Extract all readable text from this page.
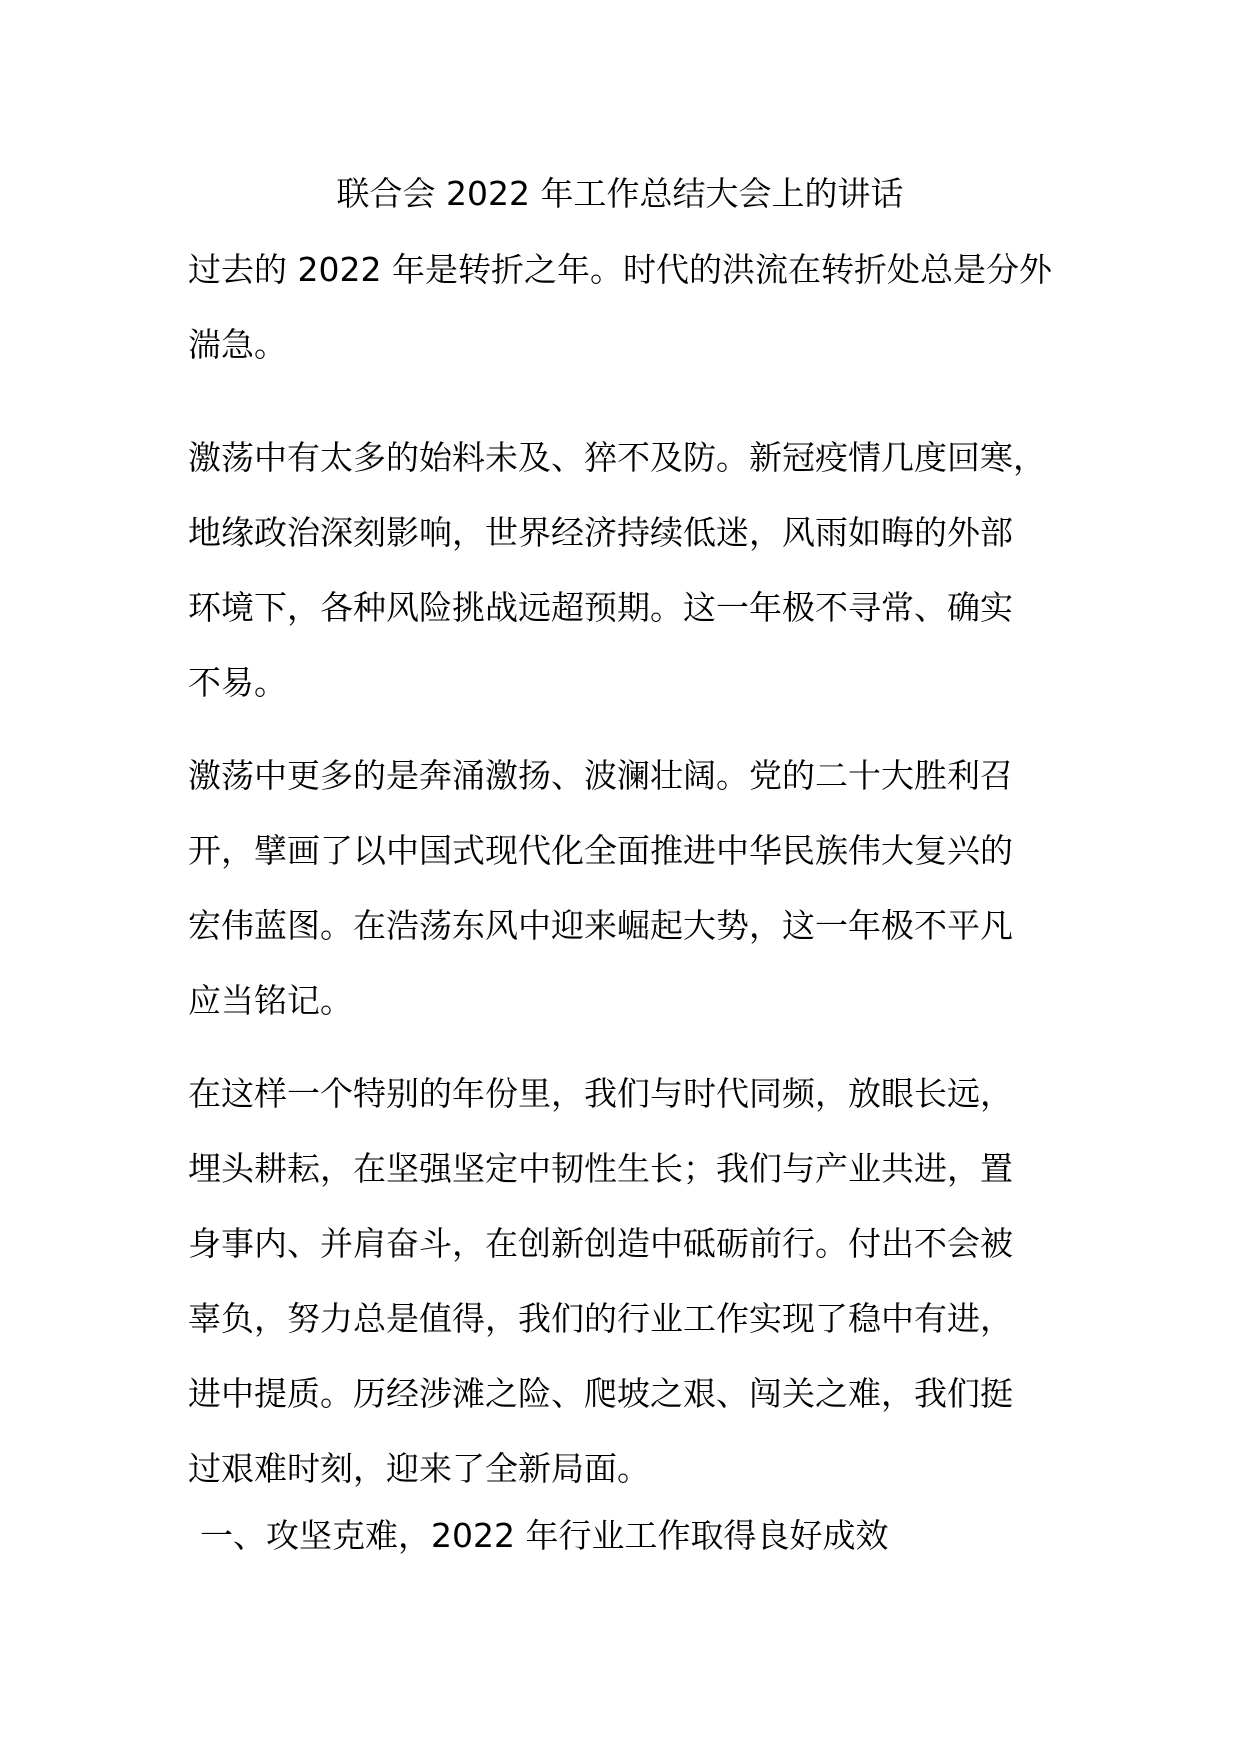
联合会 2022 年工作总结大会上的讲话
过去的 2022 年是转折之年。时代的洪流在转折处总是分外
湍急。
激荡中有太多的始料未及、猝不及防。新冠疫情几度回寒，
地缘政治深刻影响，世界经济持续低迷，风雨如晦的外部
环境下，各种风险挑战远超预期。这一年极不寻常、确实
不易。
激荡中更多的是奔涌激扬、波澜壮阔。党的二十大胜利召
开，擘画了以中国式现代化全面推进中华民族伟大复兴的
宏伟蓝图。在浩荡东风中迎来崛起大势，这一年极不平凡
应当铭记。
在这样一个特别的年份里，我们与时代同频，放眼长远，
埋头耕耘，在坚强坚定中韧性生长；我们与产业共进，置
身事内、并肩奋斗，在创新创造中砥砺前行。付出不会被
辜负，努力总是值得，我们的行业工作实现了稳中有进，
进中提质。历经涉滩之险、爬坡之艰、闯关之难，我们挺
过艰难时刻，迎来了全新局面。
一、攻坚克难，2022 年行业工作取得良好成效
